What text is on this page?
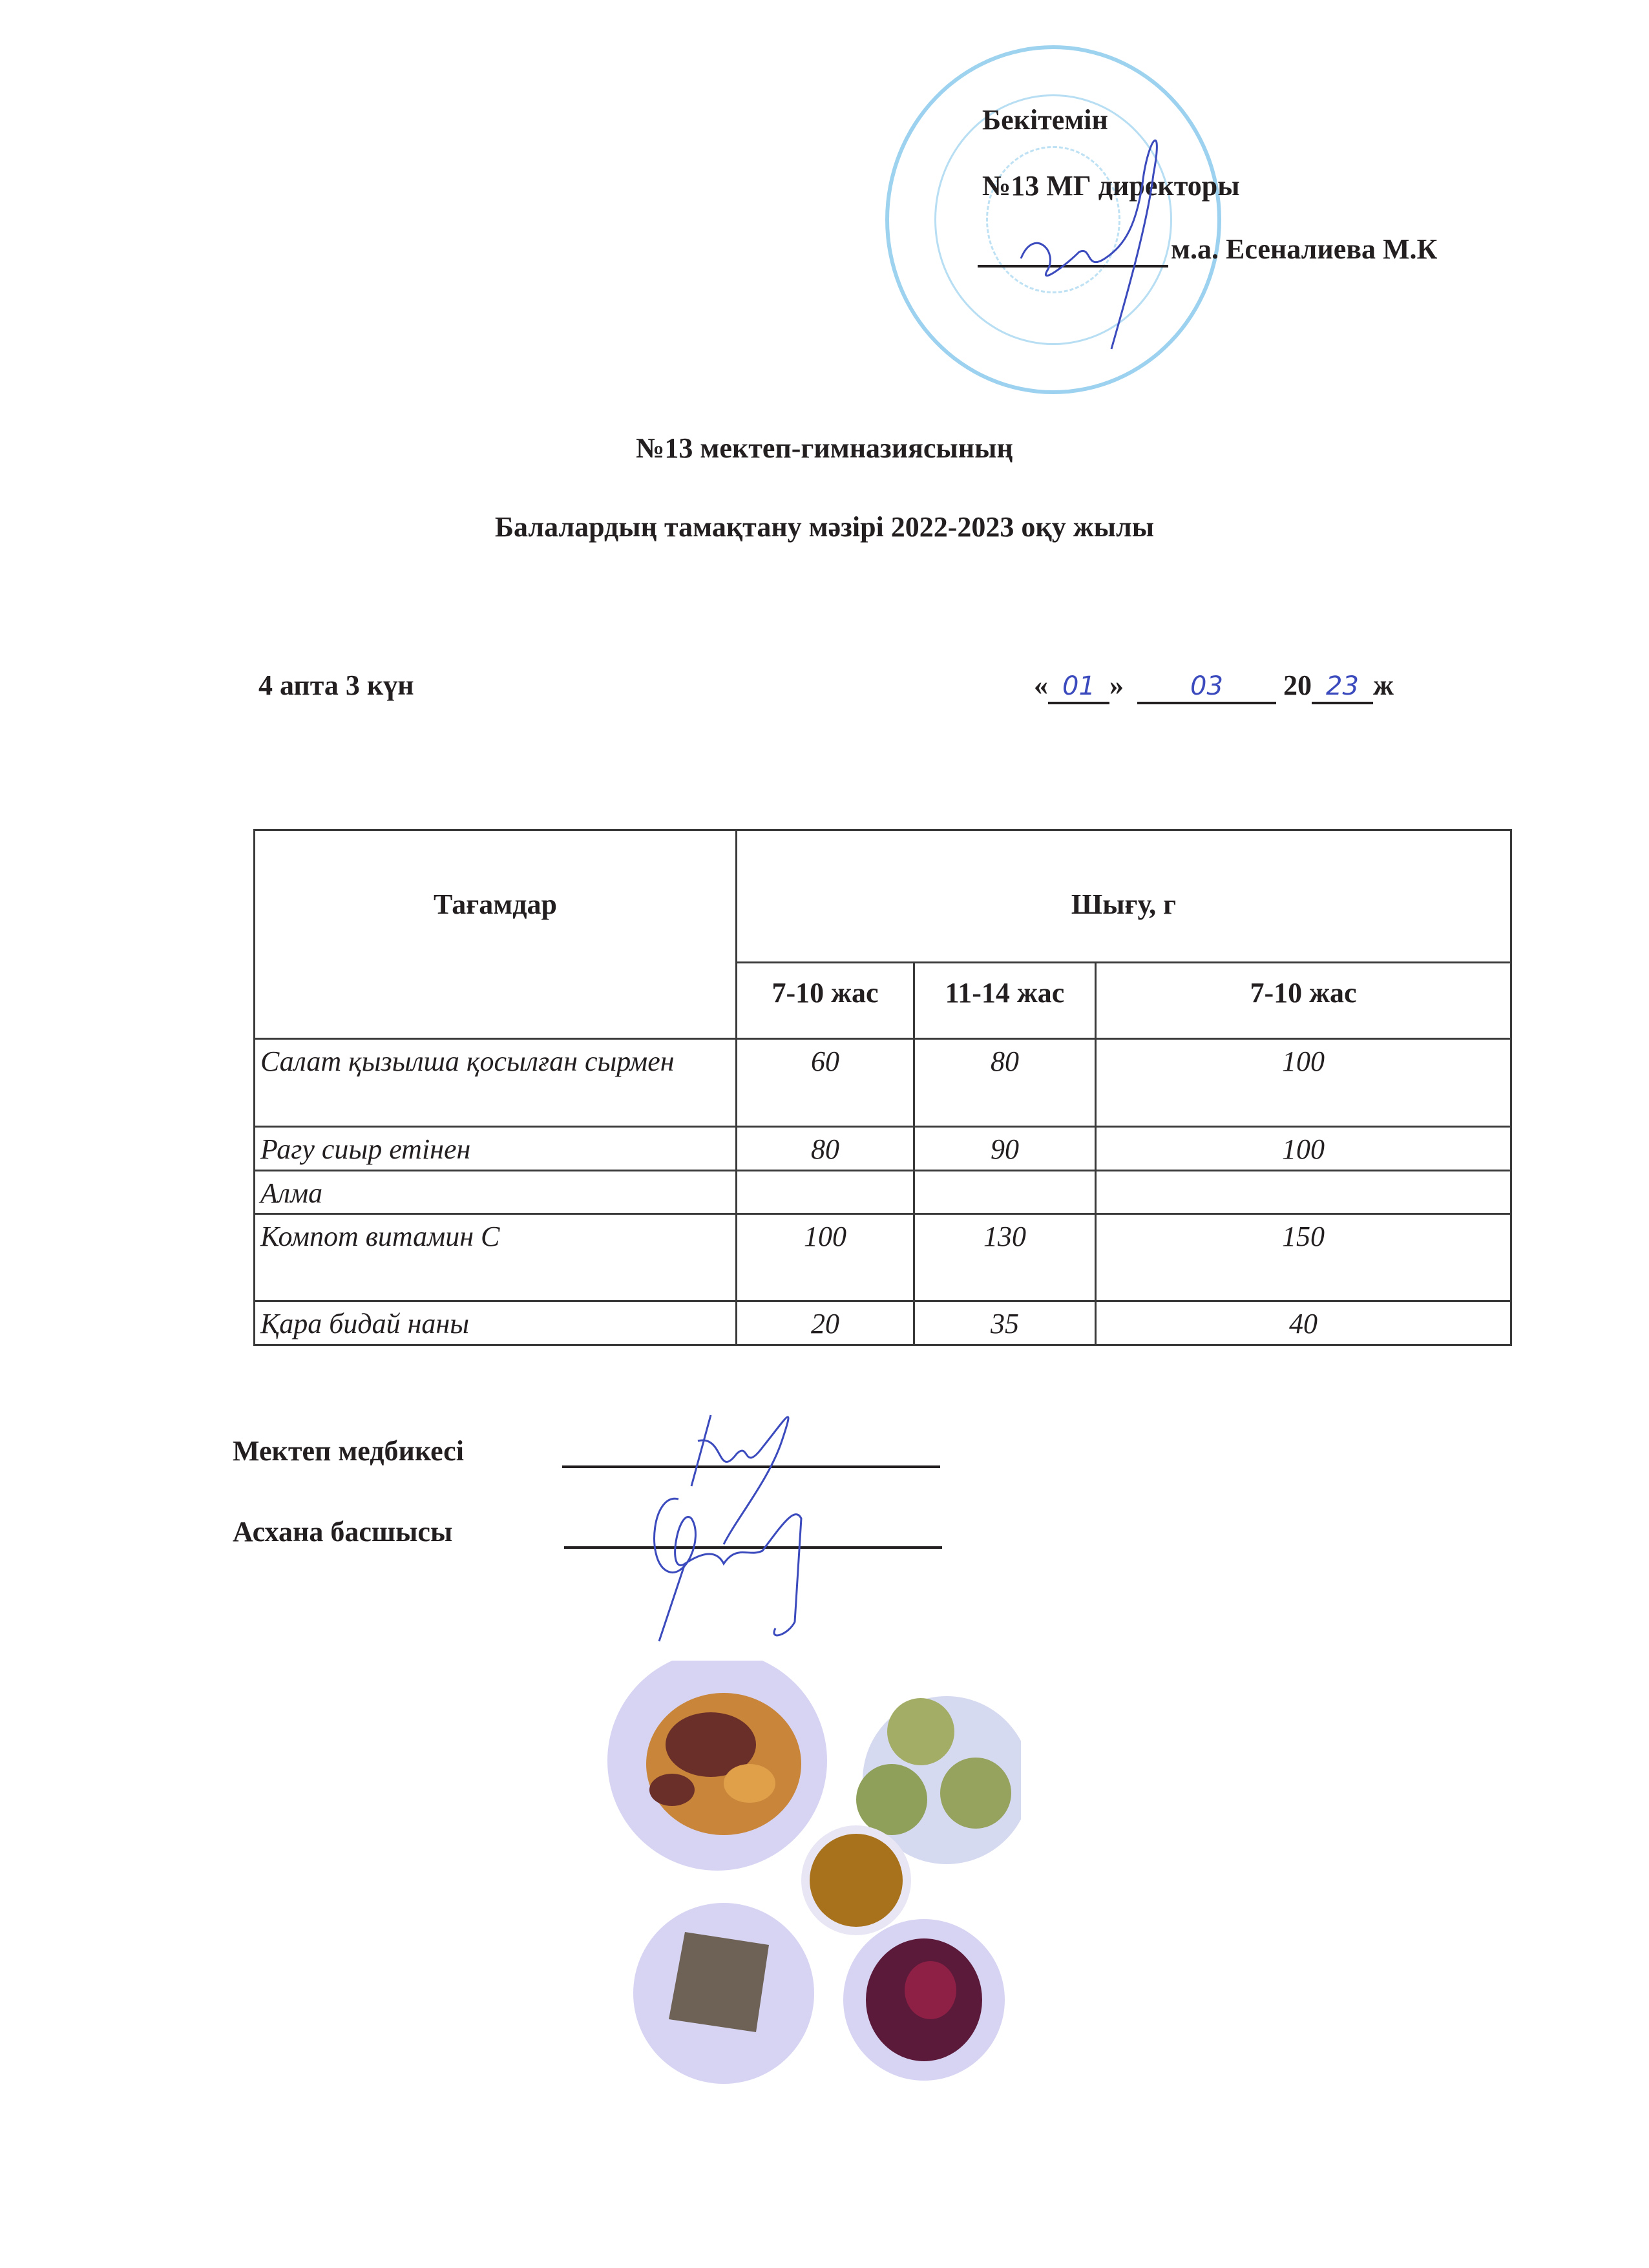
Бекітемін
№13 МГ директоры
м.а. Есеналиева М.К
№13 мектеп-гимназиясының
Балалардың тамақтану мәзірі 2022-2023 оқу жылы
4 апта 3 күн	« 01 »	03 20 23 ж
Тағамдар	Шығу, г		
	7-10 жас	11-14 жас	7-10 жас
Салат қызылша қосылған сырмен	60	80	100
Рагу сиыр етінен	80	90	100
Алма			
Компот витамин С	100	130	150
Қара бидай наны	20	35	40
Мектеп медбикесі
Асхана басшысы
